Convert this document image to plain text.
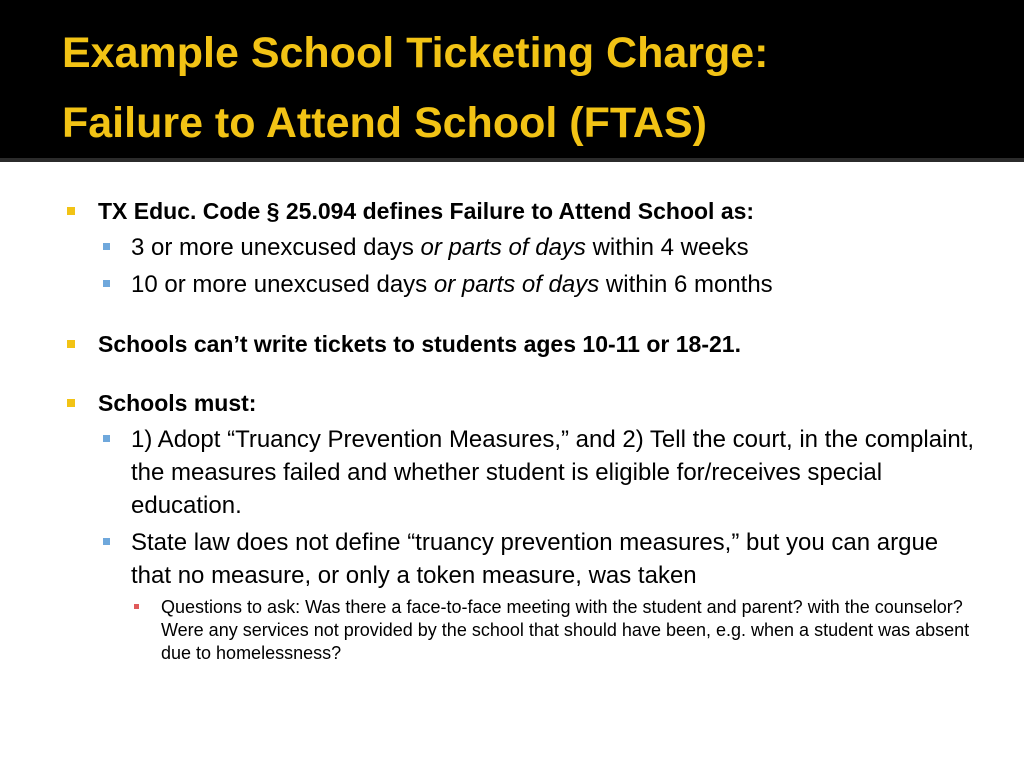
Example School Ticketing Charge:
Failure to Attend School (FTAS)
TX Educ. Code § 25.094 defines Failure to Attend School as:
3 or more unexcused days or parts of days within 4 weeks
10 or more unexcused days or parts of days within 6 months
Schools can’t write tickets to students ages 10-11 or 18-21.
Schools must:
1) Adopt “Truancy Prevention Measures,” and 2) Tell the court, in the complaint, the measures failed and whether student is eligible for/receives special education.
State law does not define “truancy prevention measures,” but you can argue that no measure, or only a token measure, was taken
Questions to ask: Was there a face-to-face meeting with the student and parent? with the counselor? Were any services not provided by the school that should have been, e.g. when a student was absent due to homelessness?
